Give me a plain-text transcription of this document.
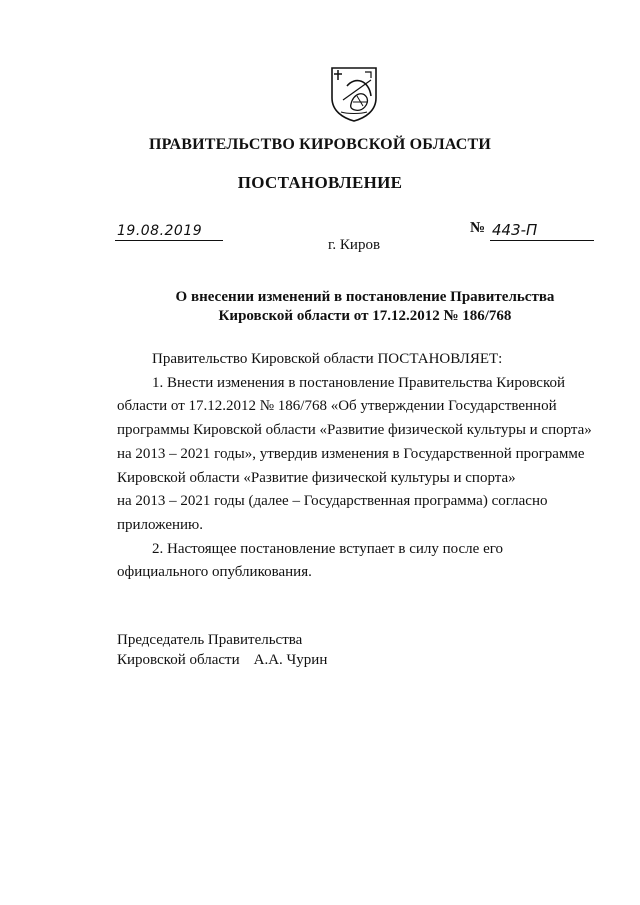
ПРАВИТЕЛЬСТВО КИРОВСКОЙ ОБЛАСТИ
ПОСТАНОВЛЕНИЕ
19.08.2019	№ 443-П
г. Киров
О внесении изменений в постановление Правительства
Кировской области от 17.12.2012 № 186/768

Правительство Кировской области ПОСТАНОВЛЯЕТ:

1. Внести изменения в постановление Правительства Кировской

области от 17.12.2012 № 186/768 «Об утверждении Государственной

программы Кировской области «Развитие физической культуры и спорта»

на 2013 – 2021 годы», утвердив изменения в Государственной программе

Кировской области «Развитие физической культуры и спорта»

на 2013 – 2021 годы (далее – Государственная программа) согласно

приложению.

2. Настоящее постановление вступает в силу после его

официального опубликования.

Председатель Правительства
Кировской области А.А. Чурин
